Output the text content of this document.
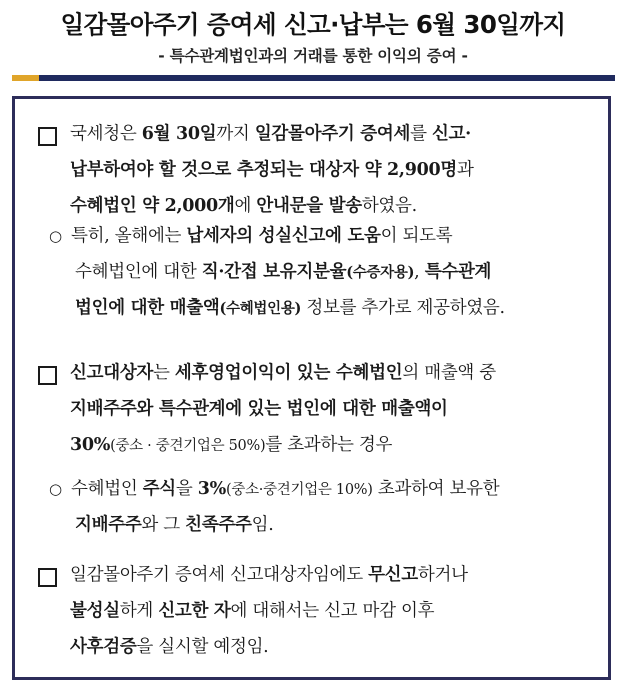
일감몰아주기 증여세 신고·납부는 6월 30일까지
- 특수관계법인과의 거래를 통한 이익의 증여 -
국세청은 6월 30일까지 일감몰아주기 증여세를 신고·
납부하여야 할 것으로 추정되는 대상자 약 2,900명과
수혜법인 약 2,000개에 안내문을 발송하였음.
○ 특히, 올해에는 납세자의 성실신고에 도움이 되도록
수혜법인에 대한 직·간접 보유지분율(수증자용), 특수관계
법인에 대한 매출액(수혜법인용) 정보를 추가로 제공하였음.
신고대상자는 세후영업이익이 있는 수혜법인의 매출액 중
지배주주와 특수관계에 있는 법인에 대한 매출액이
30%(중소 · 중견기업은 50%)를 초과하는 경우
○ 수혜법인 주식을 3%(중소·중견기업은 10%) 초과하여 보유한
지배주주와 그 친족주주임.
일감몰아주기 증여세 신고대상자임에도 무신고하거나
불성실하게 신고한 자에 대해서는 신고 마감 이후
사후검증을 실시할 예정임.
